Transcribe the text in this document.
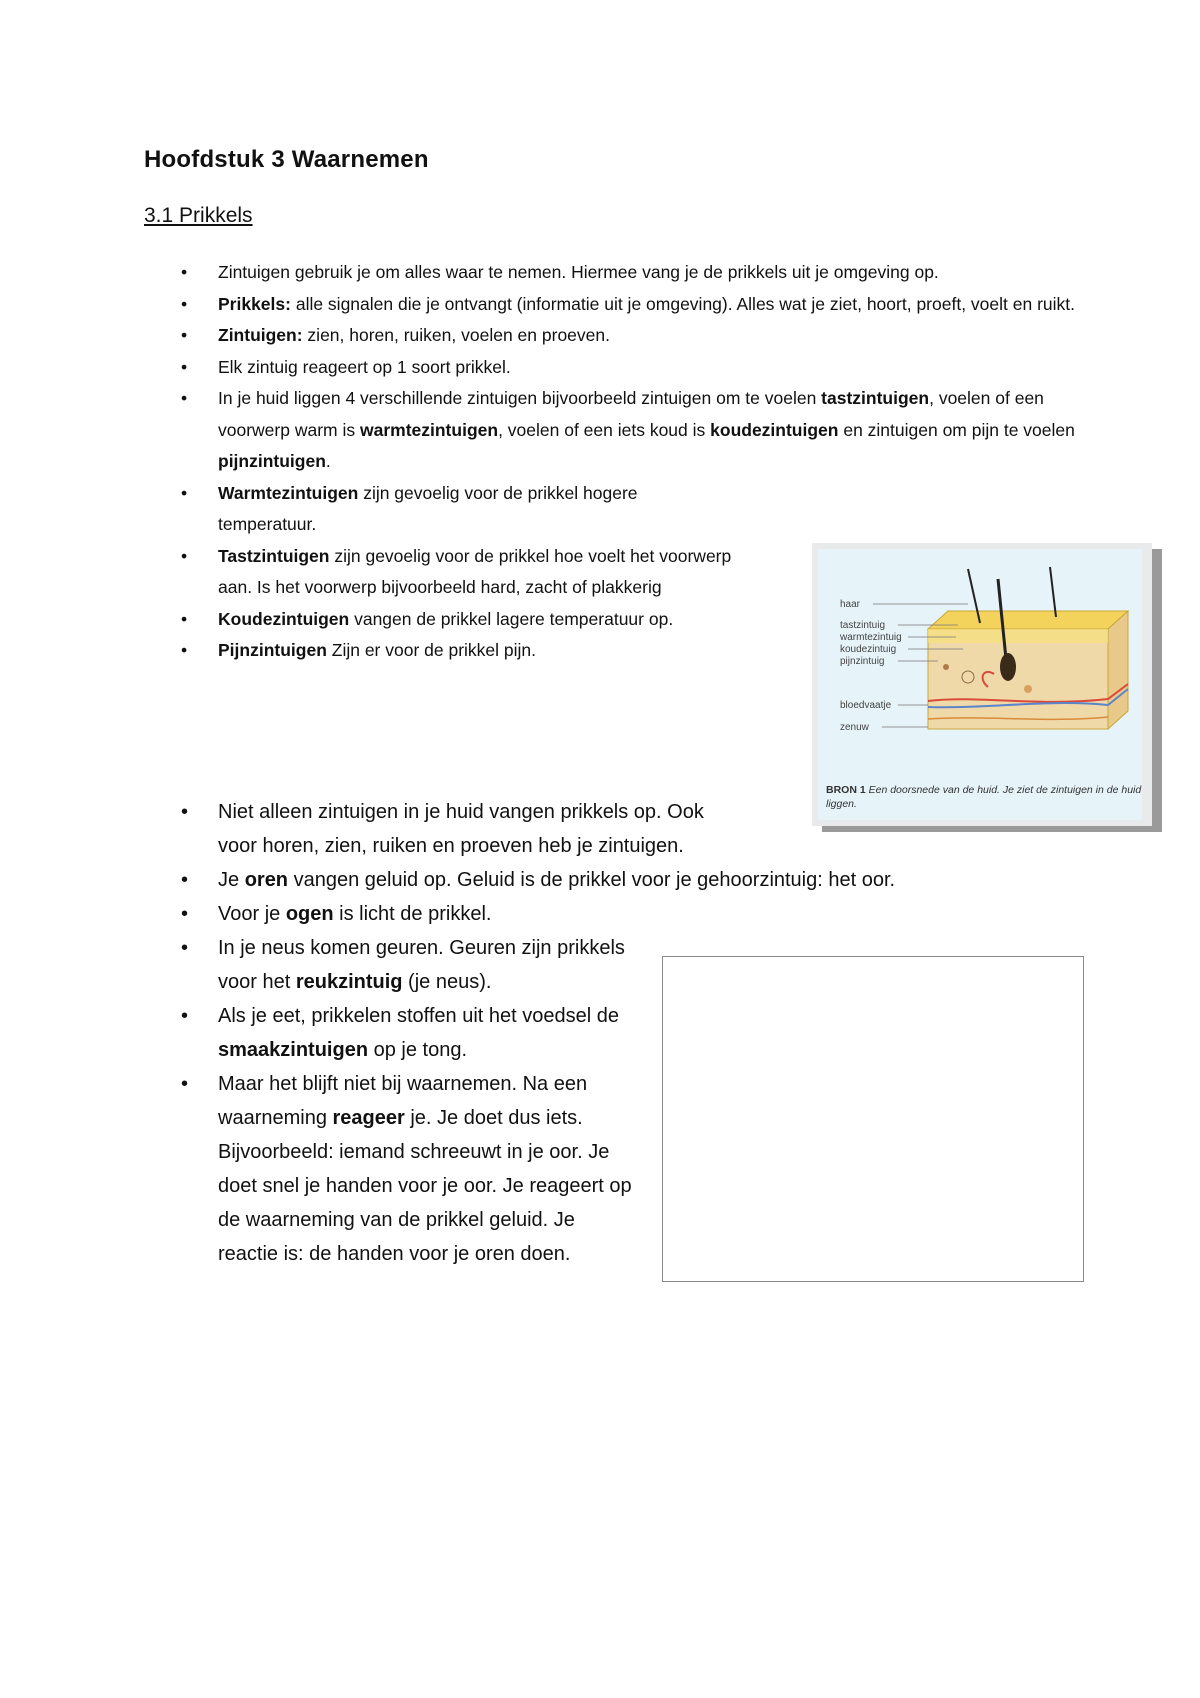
Hoofdstuk 3 Waarnemen
3.1 Prikkels
• Zintuigen gebruik je om alles waar te nemen. Hiermee vang je de prikkels uit je omgeving op.
• Prikkels: alle signalen die je ontvangt (informatie uit je omgeving). Alles wat je ziet, hoort, proeft, voelt en ruikt.
• Zintuigen: zien, horen, ruiken, voelen en proeven.
• Elk zintuig reageert op 1 soort prikkel.
• In je huid liggen 4 verschillende zintuigen bijvoorbeeld zintuigen om te voelen tastzintuigen, voelen of een voorwerp warm is warmtezintuigen, voelen of een iets koud is koudezintuigen en zintuigen om pijn te voelen pijnzintuigen.
• Warmtezintuigen zijn gevoelig voor de prikkel hogere temperatuur.
• Tastzintuigen zijn gevoelig voor de prikkel hoe voelt het voorwerp aan. Is het voorwerp bijvoorbeeld hard, zacht of plakkerig
• Koudezintuigen vangen de prikkel lagere temperatuur op.
• Pijnzintuigen Zijn er voor de prikkel pijn.
haar
tastzintuig
warmtezintuig
koudezintuig
pijnzintuig
bloedvaatje
zenuw
BRON 1 Een doorsnede van de huid. Je ziet de zintuigen in de huid liggen.
• Niet alleen zintuigen in je huid vangen prikkels op. Ook voor horen, zien, ruiken en proeven heb je zintuigen.
• Je oren vangen geluid op. Geluid is de prikkel voor je gehoorzintuig: het oor.
• Voor je ogen is licht de prikkel.
• In je neus komen geuren. Geuren zijn prikkels voor het reukzintuig (je neus).
• Als je eet, prikkelen stoffen uit het voedsel de smaakzintuigen op je tong.
• Maar het blijft niet bij waarnemen. Na een waarneming reageer je. Je doet dus iets. Bijvoorbeeld: iemand schreeuwt in je oor. Je doet snel je handen voor je oor. Je reageert op de waarneming van de prikkel geluid. Je reactie is: de handen voor je oren doen.
